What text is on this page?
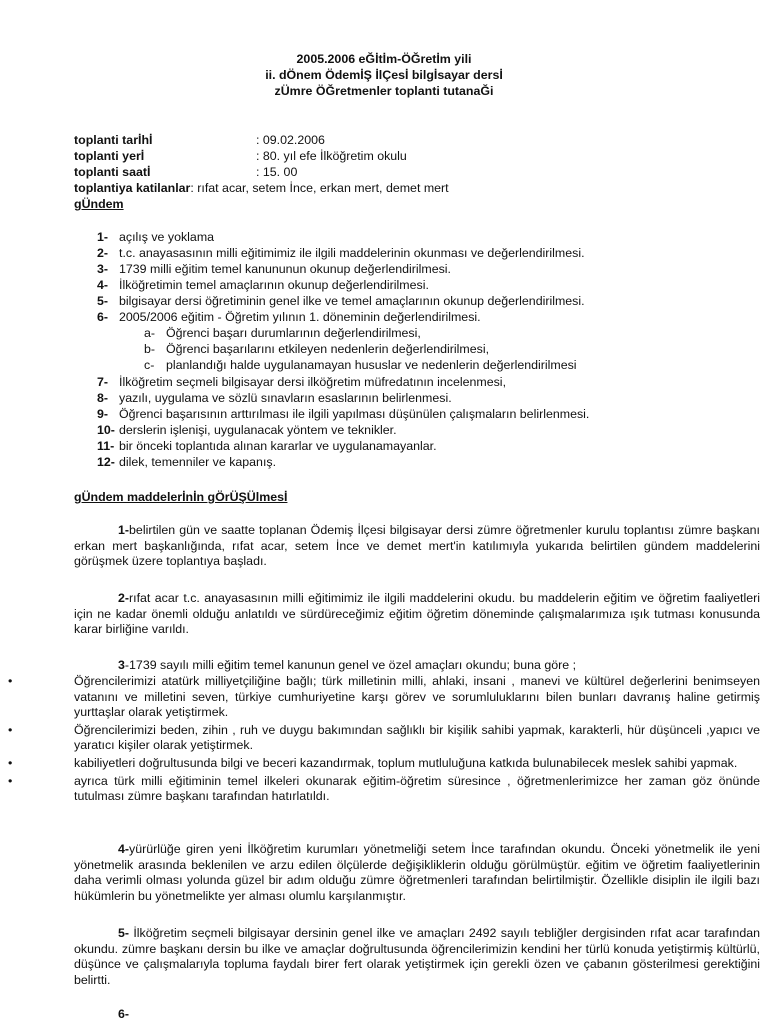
2005.2006 eĞİtİm-ÖĞretİm yili
ii. dÖnem ÖdemİŞ İlÇesİ bilgİsayar dersİ
zÜmre ÖĞretmenler toplanti tutanaĞi
toplanti tarİhİ	: 09.02.2006
toplanti yerİ	: 80. yıl efe İlköğretim okulu
toplanti saatİ	: 15. 00
toplantiya katilanlar: rıfat acar, setem İnce, erkan mert, demet mert
gÜndem
1- açılış ve yoklama
2- t.c. anayasasının milli eğitimimiz ile ilgili maddelerinin okunması ve değerlendirilmesi.
3- 1739 milli eğitim temel kanununun okunup değerlendirilmesi.
4- İlköğretimin temel amaçlarının okunup değerlendirilmesi.
5- bilgisayar dersi öğretiminin genel ilke ve temel amaçlarının okunup değerlendirilmesi.
6- 2005/2006 eğitim - Öğretim yılının 1. döneminin değerlendirilmesi.
a- Öğrenci başarı durumlarının değerlendirilmesi,
b- Öğrenci başarılarını etkileyen nedenlerin değerlendirilmesi,
c- planlandığı halde uygulanamayan hususlar ve nedenlerin değerlendirilmesi
7- İlköğretim seçmeli bilgisayar dersi ilköğretim müfredatının incelenmesi,
8- yazılı, uygulama ve sözlü sınavların esaslarının belirlenmesi.
9- Öğrenci başarısının arttırılması ile ilgili yapılması düşünülen çalışmaların belirlenmesi.
10- derslerin işlenişi, uygulanacak yöntem ve teknikler.
11- bir önceki toplantıda alınan kararlar ve uygulanamayanlar.
12- dilek, temenniler ve kapanış.
gÜndem maddelerİnİn gÖrÜŞÜlmesİ
1-belirtilen gün ve saatte toplanan Ödemiş İlçesi bilgisayar dersi zümre öğretmenler kurulu toplantısı zümre başkanı erkan mert başkanlığında, rıfat acar, setem İnce ve demet mert'in katılımıyla yukarıda belirtilen gündem maddelerini görüşmek üzere toplantıya başladı.
2-rıfat acar t.c. anayasasının milli eğitimimiz ile ilgili maddelerini okudu. bu maddelerin eğitim ve öğretim faaliyetleri için ne kadar önemli olduğu anlatıldı ve sürdüreceğimiz eğitim öğretim döneminde çalışmalarımıza ışık tutması konusunda karar birliğine varıldı.
3-1739 sayılı milli eğitim temel kanunun genel ve özel amaçları okundu; buna göre ;
•	Öğrencilerimizi atatürk milliyetçiliğine bağlı; türk milletinin milli, ahlaki, insani , manevi ve kültürel değerlerini benimseyen vatanını ve milletini seven, türkiye cumhuriyetine karşı görev ve sorumluluklarını bilen bunları davranış haline getirmiş yurttaşlar olarak yetiştirmek.
•	Öğrencilerimizi beden, zihin , ruh ve duygu bakımından sağlıklı bir kişilik sahibi yapmak, karakterli, hür düşünceli ,yapıcı ve yaratıcı kişiler olarak yetiştirmek.
•	kabiliyetleri doğrultusunda bilgi ve beceri kazandırmak, toplum mutluluğuna katkıda bulunabilecek meslek sahibi yapmak.
•	ayrıca türk milli eğitiminin temel ilkeleri okunarak eğitim-öğretim süresince , öğretmenlerimizce her zaman göz önünde tutulması zümre başkanı tarafından hatırlatıldı.
4-yürürlüğe giren yeni İlköğretim kurumları yönetmeliği setem İnce tarafından okundu. Önceki yönetmelik ile yeni yönetmelik arasında beklenilen ve arzu edilen ölçülerde değişikliklerin olduğu görülmüştür. eğitim ve öğretim faaliyetlerinin daha verimli olması yolunda güzel bir adım olduğu zümre öğretmenleri tarafından belirtilmiştir. Özellikle disiplin ile ilgili bazı hükümlerin bu yönetmelikte yer alması olumlu karşılanmıştır.
5- İlköğretim seçmeli bilgisayar dersinin genel ilke ve amaçları 2492 sayılı tebliğler dergisinden rıfat acar tarafından okundu. zümre başkanı dersin bu ilke ve amaçlar doğrultusunda öğrencilerimizin kendini her türlü konuda yetiştirmiş kültürlü, düşünce ve çalışmalarıyla topluma faydalı birer fert olarak yetiştirmek için gerekli özen ve çabanın gösterilmesi gerektiğini belirtti.
6-
